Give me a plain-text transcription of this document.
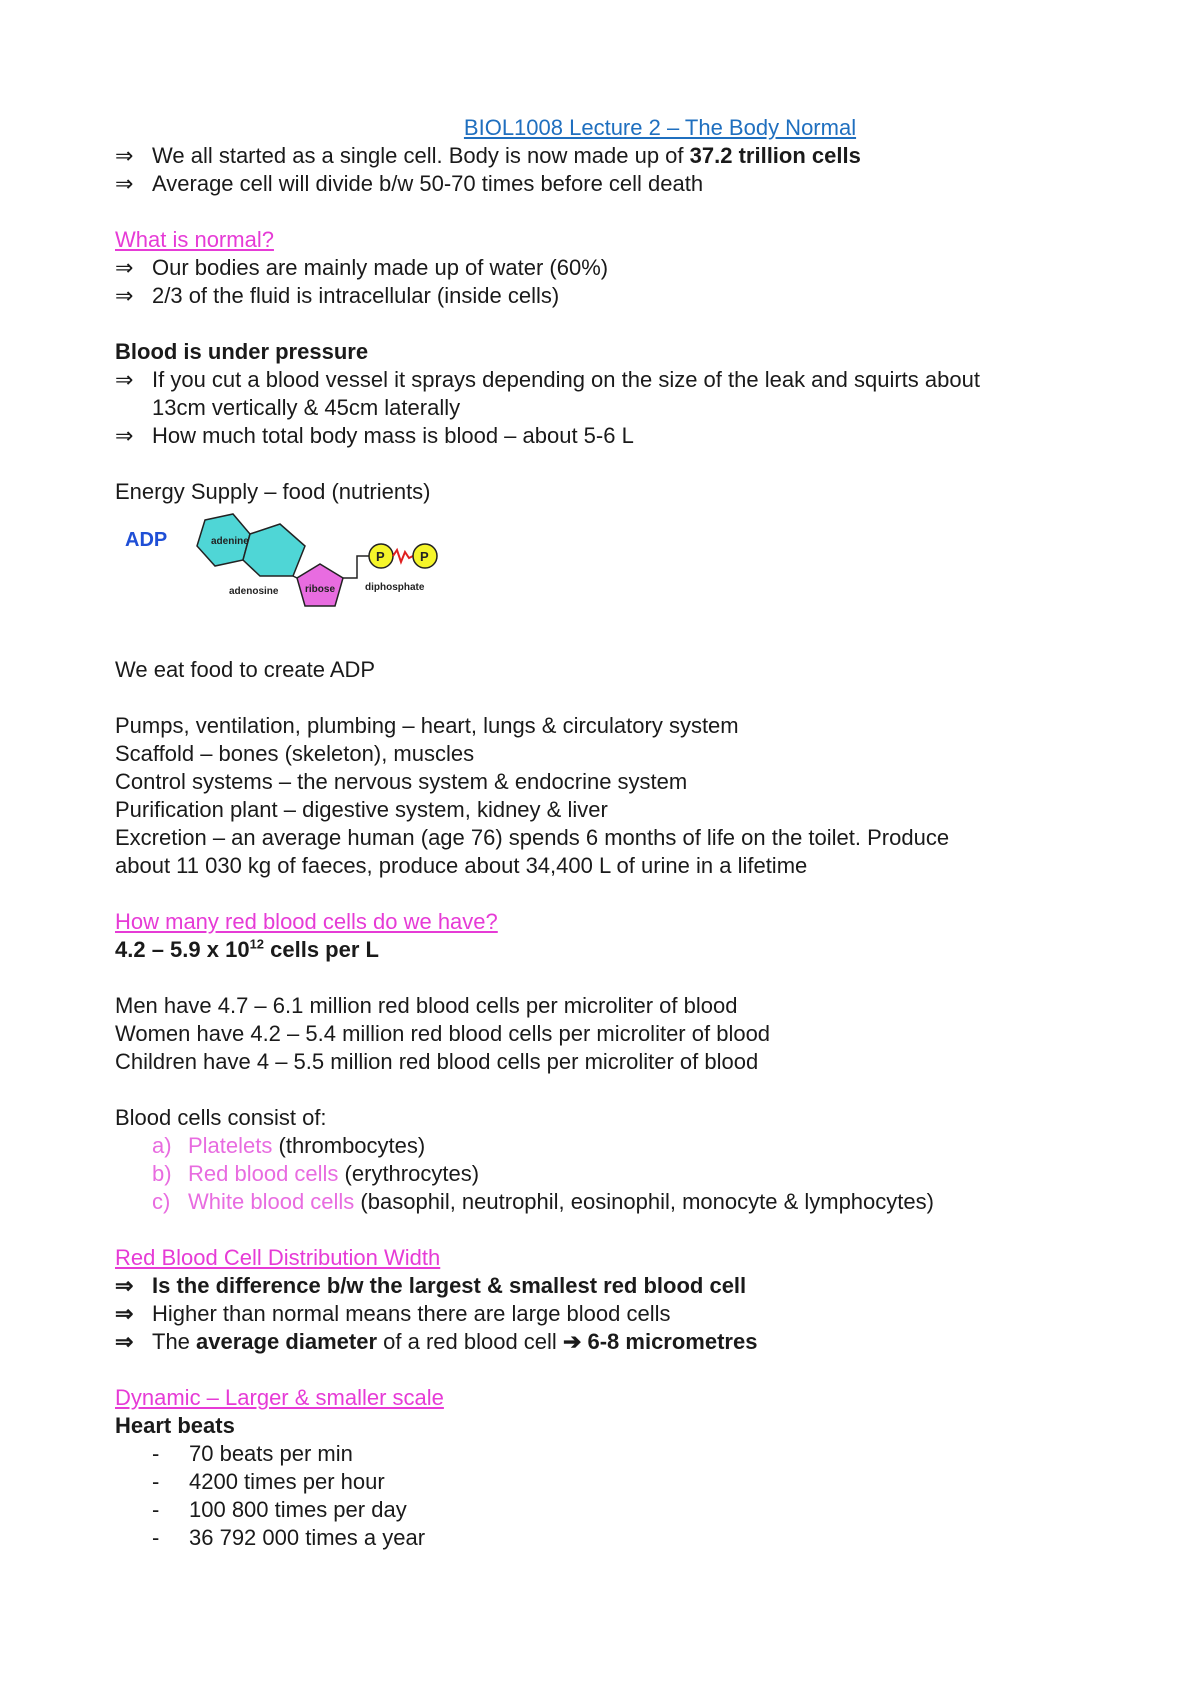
BIOL1008 Lecture 2 – The Body Normal
⇒ We all started as a single cell. Body is now made up of 37.2 trillion cells
⇒ Average cell will divide b/w 50-70 times before cell death
What is normal?
⇒ Our bodies are mainly made up of water (60%)
⇒ 2/3 of the fluid is intracellular (inside cells)
Blood is under pressure
⇒ If you cut a blood vessel it sprays depending on the size of the leak and squirts about
13cm vertically & 45cm laterally
⇒ How much total body mass is blood – about 5-6 L
Energy Supply – food (nutrients)
ADP	adenine
adenosine	ribose
P	P
diphosphate
We eat food to create ADP
Pumps, ventilation, plumbing – heart, lungs & circulatory system
Scaffold – bones (skeleton), muscles
Control systems – the nervous system & endocrine system
Purification plant – digestive system, kidney & liver
Excretion – an average human (age 76) spends 6 months of life on the toilet. Produce
about 11 030 kg of faeces, produce about 34,400 L of urine in a lifetime
How many red blood cells do we have?
4.2 – 5.9 x $10^{12}$ cells per L
Men have 4.7 – 6.1 million red blood cells per microliter of blood
Women have 4.2 – 5.4 million red blood cells per microliter of blood
Children have 4 – 5.5 million red blood cells per microliter of blood
Blood cells consist of:
a) Platelets (thrombocytes)
b) Red blood cells (erythrocytes)
c) White blood cells (basophil, neutrophil, eosinophil, monocyte & lymphocytes)
Red Blood Cell Distribution Width
⇒ Is the difference b/w the largest & smallest red blood cell
⇒ Higher than normal means there are large blood cells
⇒ The average diameter of a red blood cell ➔ 6-8 micrometres
Dynamic – Larger & smaller scale
Heart beats
- 70 beats per min
- 4200 times per hour
- 100 800 times per day
- 36 792 000 times a year
